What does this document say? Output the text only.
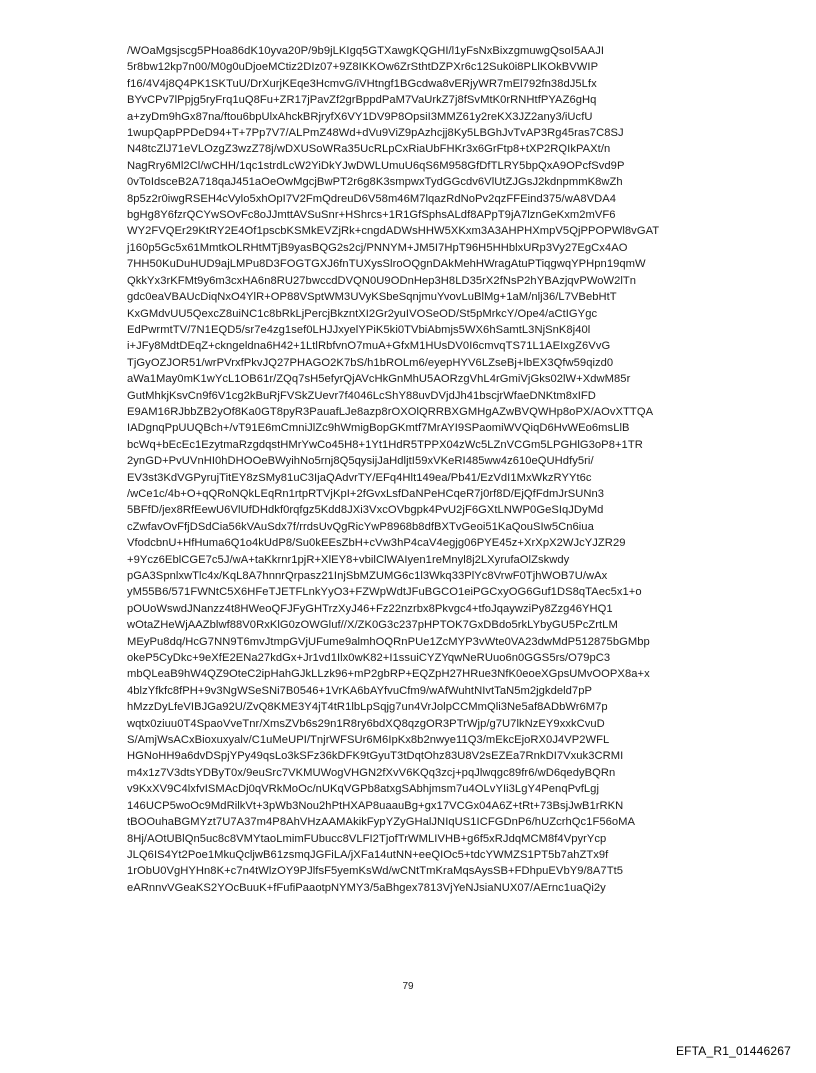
/WOaMgsjscg5PHoa86dK10yva20P/9b9jLKIgq5GTXawgKQGHI/l1yFsNxBixzgmuwgQsoI5AAJI
5r8bw12kp7n00/M0g0uDjoeMCtiz2DIz07+9Z8IKKOw6ZrSthtDZPXr6c12Suk0i8PLlKOkBVWIP
f16/4V4j8Q4PK1SKTuU/DrXurjKEqe3HcmvG/iVHtngf1BGcdwa8vERjyWR7mEl792fn38dJ5Lfx
BYvCPv7lPpjg5ryFrq1uQ8Fu+ZR17jPavZf2grBppdPaM7VaUrkZ7j8fSvMtK0rRNHtfPYAZ6gHq
a+zyDm9hGx87na/ftou6bpUlxAhckBRjryfX6VY1DV9P8OpsiI3MMZ61y2reKX3JZ2any3/iUcfU
1wupQapPPDeD94+T+7Pp7V7/ALPmZ48Wd+dVu9ViZ9pAzhcjj8Ky5LBGhJvTvAP3Rg45ras7C8SJ
N48tcZlJ71eVLOzgZ3wzZ78j/wDXUSoWRa35UcRLpCxRiaUbFHKr3x6GrFtp8+tXP2RQIkPAXt/n
NagRry6Ml2Cl/wCHH/1qc1strdLcW2YiDkYJwDWLUmuU6qS6M958GfDfTLRY5bpQxA9OPcfSvd9P
0vToIdsceB2A718qaJ451aOeOwMgcjBwPT2r6g8K3smpwxTydGGcdv6VlUtZJGsJ2kdnpmmK8wZh
8p5z2r0iwgRSEH4cVylo5xhOpI7V2FmQdreuD6V58m46M7lqazRdNoPv2qzFFEind375/wA8VDA4
bgHg8Y6fzrQCYwSOvFc8oJJmttAVSuSnr+HShrcs+1R1GfSphsALdf8APpT9jA7lznGeKxm2mVF6
WY2FVQEr29KtRY2E4Of1pscbKSMkEVZjRk+cngdADWsHHW5XKxm3A3AHPHXmpV5QjPPOPWl8vGAT
j160p5Gc5x61MmtkOLRHtMTjB9yasBQG2s2cj/PNNYM+JM5I7HpT96H5HHblxURp3Vy27EgCx4AO
7HH50KuDuHUD9ajLMPu8D3FOGTGXJ6fnTUXysSlroOQgnDAkMehHWragAtuPTiqgwqYPHpn19qmW
QkkYx3rKFMt9y6m3cxHA6n8RU27bwccdDVQN0U9ODnHep3H8LD35rX2fNsP2hYBAzjqvPWoW2lTn
gdc0eaVBAUcDiqNxO4YlR+OP88VSptWM3UVyKSbeSqnjmuYvovLuBlMg+1aM/nlj36/L7VBebHtT
KxGMdvUU5QexcZ8uiNC1c8bRkLjPercjBkzntXI2Gr2yuIVOSeOD/St5pMrkcY/Ope4/aCtIGYgc
EdPwrmtTV/7N1EQD5/sr7e4zg1sef0LHJJxyelYPiK5ki0TVbiAbmjs5WX6hSamtL3NjSnK8j40l
i+JFy8MdtDEqZ+ckngeldna6H42+1LtlRbfvnO7muA+GfxM1HUsDV0I6cmvqTS71L1AEIxgZ6VvG
TjGyOZJOR51/wrPVrxfPkvJQ27PHAGO2K7bS/h1bROLm6/eyepHYV6LZseBj+lbEX3Qfw59qizd0
aWa1May0mK1wYcL1OB61r/ZQq7sH5efyrQjAVcHkGnMhU5AORzgVhL4rGmiVjGks02lW+XdwM85r
GutMhkjKsvCn9f6V1cg2kBuRjFVSkZUevr7f4046LcShY88uvDVjdJh41bscjrWfaeDNKtm8xIFD
E9AM16RJbbZB2yOf8Ka0GT8pyR3PauafLJe8azp8rOXOlQRRBXGMHgAZwBVQWHp8oPX/AOvXTTQA
IADgnqPpUUQBch+/vT91E6mCmniJlZc9hWmigBopGKmtf7MrAYI9SPaomiWVQiqD6HvWEo6msLlB
bcWq+bEcEc1EzytmaRzgdqstHMrYwCo45H8+1Yt1HdR5TPPX04zWc5LZnVCGm5LPGHlG3oP8+1TR
2ynGD+PvUVnHI0hDHOOeBWyihNo5rnj8Q5qysijJaHdljtI59xVKeRI485ww4z610eQUHdfy5ri/
EV3st3KdVGPyrujTitEY8zSMy81uC3IjaQAdvrTY/EFq4Hlt149ea/Pb41/EzVdI1MxWkzRYYt6c
/wCe1c/4b+O+qQRoNQkLEqRn1rtpRTVjKpI+2fGvxLsfDaNPeHCqeR7j0rf8D/EjQfFdmJrSUNn3
5BFfD/jex8RfEewU6VlUfDHdkf0rqfgz5Kdd8JXi3VxcOVbgpk4PvU2jF6GXtLNWP0GeSIqJDyMd
cZwfavOvFfjDSdCia56kVAuSdx7f/rrdsUvQgRicYwP8968b8dfBXTvGeoi51KaQouSIw5Cn6iua
VfodcbnU+HfHuma6Q1o4kUdP8/Su0kEEsZbH+cVw3hP4caV4egjg06PYE45z+XrXpX2WJcYJZR29
+9Ycz6EblCGE7c5J/wA+taKkrnr1pjR+XlEY8+vbilClWAIyen1reMnyl8j2LXyrufaOlZskwdy
pGA3SpnlxwTlc4x/KqL8A7hnnrQrpasz21InjSbMZUMG6c1l3Wkq33PlYc8VrwF0TjhWOB7U/wAx
yM55B6/571FWNtC5X6HFeTJETFLnkYyO3+FZWpWdtJFuBGCO1eiPGCxyOG6Guf1DS8qTAec5x1+o
pOUoWswdJNanzz4t8HWeoQFJFyGHTrzXyJ46+Fz22nzrbx8Pkvgc4+tfoJqaywziPy8Zzg46YHQ1
wOtaZHeWjAAZblwf88V0RxKlG0zOWGluf//X/ZK0G3c237pHPTOK7GxDBdo5rkLYbyGU5PcZrtLM
MEyPu8dq/HcG7NN9T6mvJtmpGVjUFume9almhOQRnPUe1ZcMYP3vWte0VA23dwMdP512875bGMbp
okeP5CyDkc+9eXfE2ENa27kdGx+Jr1vd1Ilx0wK82+I1ssuiCYZYqwNeRUuo6n0GGS5rs/O79pC3
mbQLeaB9hW4QZ9OteC2ipHahGJkLLzk96+mP2gbRP+EQZpH27HRue3NfK0eoeXGpsUMvOOPX8a+x
4blzYfkfc8fPH+9v3NgWSeSNi7B0546+1VrKA6bAYfvuCfm9/wAfWuhtNIvtTaN5m2jgkdeld7pP
hMzzDyLfeVIBJGa92U/ZvQ8KME3Y4jT4tR1lbLpSqjg7un4VrJolpCCMmQli3Ne5af8ADbWr6M7p
wqtx0ziuu0T4SpaoVveTnr/XmsZVb6s29n1R8ry6bdXQ8qzgOR3PTrWjp/g7U7lkNzEY9xxkCvuD
S/AmjWsACxBioxuxyalv/C1uMeUPI/TnjrWFSUr6M6IpKx8b2nwye11Q3/mEkcEjoRX0J4VP2WFL
HGNoHH9a6dvDSpjYPy49qsLo3kSFz36kDFK9tGyuT3tDqtOhz83U8V2sEZEa7RnkDI7Vxuk3CRMI
m4x1z7V3dtsYDByT0x/9euSrc7VKMUWogVHGN2fXvV6KQq3zcj+pqJlwqgc89fr6/wD6qedyBQRn
v9KxXV9C4lxfvISMAcDj0qVRkMoOc/nUKqVGPb8atxgSAbhjmsm7u4OLvYIi3LgY4PenqPvfLgj
146UCP5woOc9MdRilkVt+3pWb3Nou2hPtHXAP8uaauBg+gx17VCGx04A6Z+tRt+73BsjJwB1rRKN
tBOOuhaBGMYzt7U7A37m4P8AhVHzAAMAkikFypYZyGHalJNIqUS1ICFGDnP6/hUZcrhQc1F56oMA
8Hj/AOtUBlQn5uc8c8VMYtaoLmimFUbucc8VLFI2TjofTrWMLIVHB+g6f5xRJdqMCM8f4VpyrYcp
JLQ6IS4Yt2Poe1MkuQcljwB61zsmqJGFiLA/jXFa14utNN+eeQIOc5+tdcYWMZS1PT5b7ahZTx9f
1rObU0VgHYHn8K+c7n4tWlzOY9PJlfsF5yemKsWd/wCNtTmKraMqsAysSB+FDhpuEVbY9/8A7Tt5
eARnnvVGeaKS2YOcBuuK+fFufiPaaotpNYMY3/5aBhgex7813VjYeNJsiaNUX07/AErnc1uaQi2y
79
EFTA_R1_01446267
